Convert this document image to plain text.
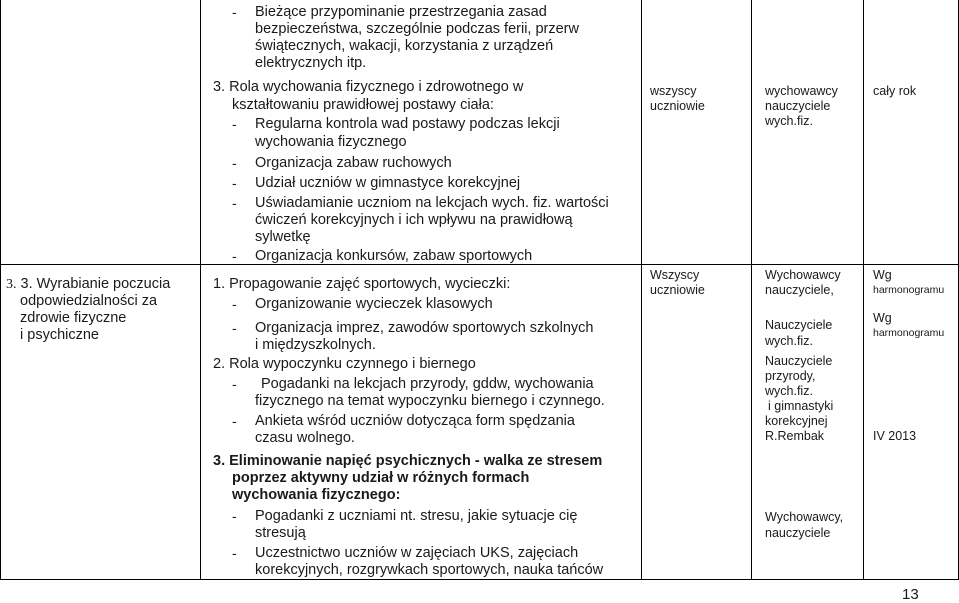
- Bieżące przypominanie przestrzegania zasad
bezpieczeństwa, szczególnie podczas ferii, przerw
świątecznych, wakacji, korzystania z urządzeń
elektrycznych itp.
3. Rola wychowania fizycznego i zdrowotnego w
kształtowaniu prawidłowej postawy ciała:
- Regularna kontrola wad postawy podczas lekcji
wychowania fizycznego
- Organizacja zabaw ruchowych
- Udział uczniów w gimnastyce korekcyjnej
- Uświadamianie uczniom na lekcjach wych. fiz. wartości
ćwiczeń korekcyjnych i ich wpływu na prawidłową
sylwetkę
- Organizacja konkursów, zabaw sportowych
wszyscy
uczniowie
wychowawcy
nauczyciele
wych.fiz.
cały rok
3. 3. Wyrabianie poczucia
odpowiedzialności za
zdrowie fizyczne
i psychiczne
1. Propagowanie zajęć sportowych, wycieczki:
- Organizowanie wycieczek klasowych
- Organizacja imprez, zawodów sportowych szkolnych
i międzyszkolnych.
2. Rola wypoczynku czynnego i biernego
- Pogadanki na lekcjach przyrody, gddw, wychowania
fizycznego na temat wypoczynku biernego i czynnego.
- Ankieta wśród uczniów dotycząca form spędzania
czasu wolnego.
3. Eliminowanie napięć psychicznych - walka ze stresem
poprzez aktywny udział w różnych formach
wychowania fizycznego:
- Pogadanki z uczniami nt. stresu, jakie sytuacje cię
stresują
- Uczestnictwo uczniów w zajęciach UKS, zajęciach
korekcyjnych, rozgrywkach sportowych, nauka tańców
Wszyscy
uczniowie
Wychowawcy
nauczyciele,
Nauczyciele
wych.fiz.
Nauczyciele
przyrody,
wych.fiz.
i gimnastyki
korekcyjnej
R.Rembak
Wychowawcy,
nauczyciele
Wg
harmonogramu
Wg
harmonogramu
IV 2013
13
